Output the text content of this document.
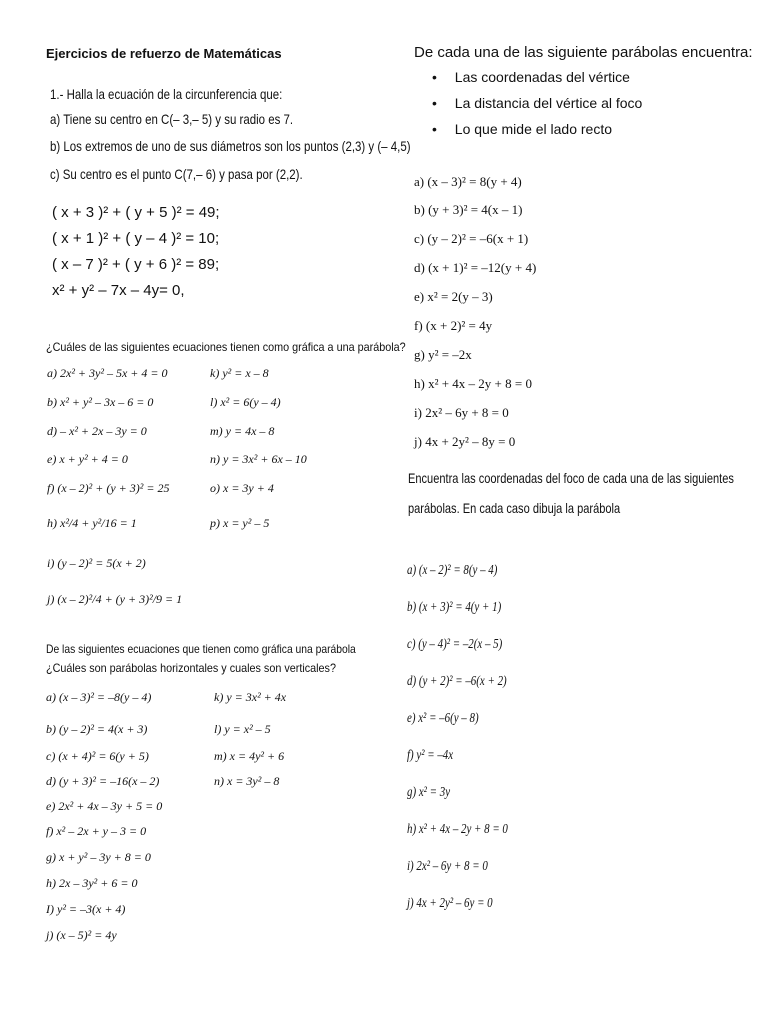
Ejercicios de refuerzo de Matemáticas
1.- Halla la ecuación de la circunferencia que:
a) Tiene su centro en C(– 3,– 5) y su radio es 7.
b) Los extremos de uno de sus diámetros son los puntos (2,3) y (– 4,5)
c) Su centro es el punto C(7,– 6) y pasa por (2,2).
( x + 3 )² + ( y + 5 )² = 49;
( x + 1 )² + ( y – 4 )² = 10;
( x – 7 )² + ( y + 6 )² = 89;
x² + y² – 7x – 4y= 0,
¿Cuáles de las siguientes ecuaciones tienen como gráfica a una parábola?
a) 2x² + 3y² – 5x + 4 = 0
b) x² + y² – 3x – 6 = 0
d) – x² + 2x – 3y = 0
e) x + y² + 4 = 0
f) (x – 2)² + (y + 3)² = 25
h) x²/4 + y²/16 = 1
i) (y – 2)² = 5(x + 2)
j) (x – 2)²/4 + (y + 3)²/9 = 1
k) y² = x – 8
l) x² = 6(y – 4)
m) y = 4x – 8
n) y = 3x² + 6x – 10
o) x = 3y + 4
p) x = y² – 5
De las siguientes ecuaciones que tienen como gráfica una parábola
¿Cuáles son parábolas horizontales y cuales son verticales?
a) (x – 3)² = –8(y – 4)
b) (y – 2)² = 4(x + 3)
c) (x + 4)² = 6(y + 5)
d) (y + 3)² = –16(x – 2)
e) 2x² + 4x – 3y + 5 = 0
f) x² – 2x + y – 3 = 0
g) x + y² – 3y + 8 = 0
h) 2x – 3y² + 6 = 0
I) y² = –3(x + 4)
j) (x – 5)² = 4y
k) y = 3x² + 4x
l) y = x² – 5
m) x = 4y² + 6
n) x = 3y² – 8
De cada una de las siguiente parábolas encuentra:
• Las coordenadas del vértice
• La distancia del vértice al foco
• Lo que mide el lado recto
a) (x – 3)² = 8(y + 4)
b) (y + 3)² = 4(x – 1)
c) (y – 2)² = –6(x + 1)
d) (x + 1)² = –12(y + 4)
e) x² = 2(y – 3)
f) (x + 2)² = 4y
g) y² = –2x
h) x² + 4x – 2y + 8 = 0
i) 2x² – 6y + 8 = 0
j) 4x + 2y² – 8y = 0
Encuentra las coordenadas del foco de cada una de las siguientes
parábolas. En cada caso dibuja la parábola
a) (x – 2)² = 8(y – 4)
b) (x + 3)² = 4(y + 1)
c) (y – 4)² = –2(x – 5)
d) (y + 2)² = –6(x + 2)
e) x² = –6(y – 8)
f) y² = –4x
g) x² = 3y
h) x² + 4x – 2y + 8 = 0
i) 2x² – 6y + 8 = 0
j) 4x + 2y² – 6y = 0
